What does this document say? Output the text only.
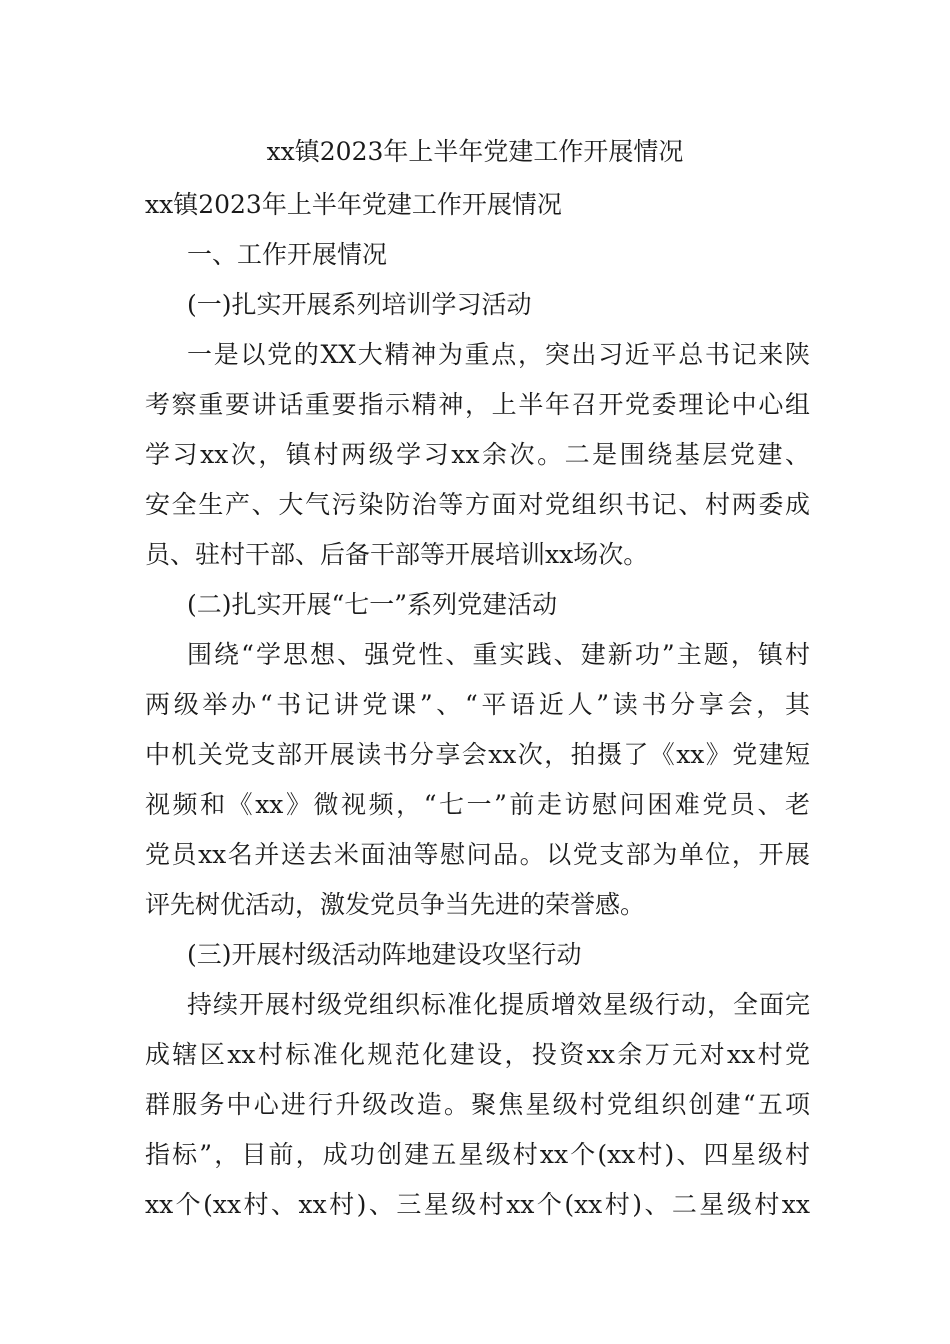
xx镇2023年上半年党建工作开展情况

xx镇2023年上半年党建工作开展情况

一、工作开展情况

(一)扎实开展系列培训学习活动

一是以党的XX大精神为重点，突出习近平总书记来陕
考察重要讲话重要指示精神，上半年召开党委理论中心组
学习xx次，镇村两级学习xx余次。二是围绕基层党建、
安全生产、大气污染防治等方面对党组织书记、村两委成
员、驻村干部、后备干部等开展培训xx场次。

(二)扎实开展“七一”系列党建活动

围绕“学思想、强党性、重实践、建新功”主题，镇村
两级举办“书记讲党课”、“平语近人”读书分享会，其
中机关党支部开展读书分享会xx次，拍摄了《xx》党建短
视频和《xx》微视频，“七一”前走访慰问困难党员、老
党员xx名并送去米面油等慰问品。以党支部为单位，开展
评先树优活动，激发党员争当先进的荣誉感。

(三)开展村级活动阵地建设攻坚行动

持续开展村级党组织标准化提质增效星级行动，全面完
成辖区xx村标准化规范化建设，投资xx余万元对xx村党
群服务中心进行升级改造。聚焦星级村党组织创建“五项
指标”，目前，成功创建五星级村xx个(xx村)、四星级村
xx个(xx村、xx村)、三星级村xx个(xx村)、二星级村xx
